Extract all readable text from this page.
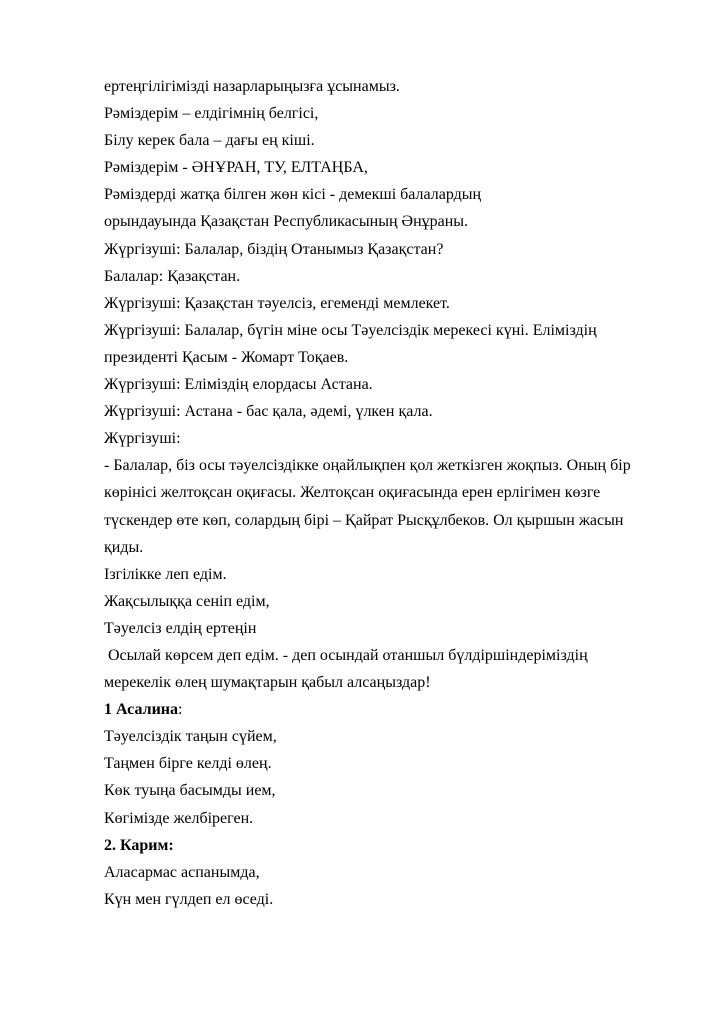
ертеңгілігімізді назарларыңызға ұсынамыз.

Рәміздерім – елдігімнің белгісі,

Білу керек бала – дағы ең кіші.

Рәміздерім - ӘНҰРАН, ТУ, ЕЛТАҢБА,

Рәміздерді жатқа білген жөн кісі - демекші балалардың

орындауында Қазақстан Республикасының Әнұраны.

Жүргізуші: Балалар, біздің Отанымыз Қазақстан?

Балалар: Қазақстан.

Жүргізуші: Қазақстан тәуелсіз, егеменді мемлекет.

Жүргізуші: Балалар, бүгін міне осы Тәуелсіздік мерекесі күні. Еліміздің

президенті Қасым - Жомарт Тоқаев.

Жүргізуші: Еліміздің елордасы Астана.

Жүргізуші: Астана - бас қала, әдемі, үлкен қала.

Жүргізуші:

- Балалар, біз осы тәуелсіздікке оңайлықпен қол жеткізген жоқпыз. Оның бір

көрінісі желтоқсан оқиғасы. Желтоқсан оқиғасында ерен ерлігімен көзге

түскендер өте көп, солардың бірі – Қайрат Рысқұлбеков. Ол қыршын жасын

қиды.

Ізгілікке леп едім.

Жақсылыққа сеніп едім,

Тәуелсіз елдің ертеңін

Осылай көрсем деп едім. - деп осындай отаншыл бүлдіршіндеріміздің

мерекелік өлең шумақтарын қабыл алсаңыздар!

1 Асалина:

Тәуелсіздік таңын сүйем,

Таңмен бірге келді өлең.

Көк туыңа басымды ием,

Көгімізде желбіреген.

2. Карим:

Аласармас аспанымда,

Күн мен гүлдеп ел өседі.
